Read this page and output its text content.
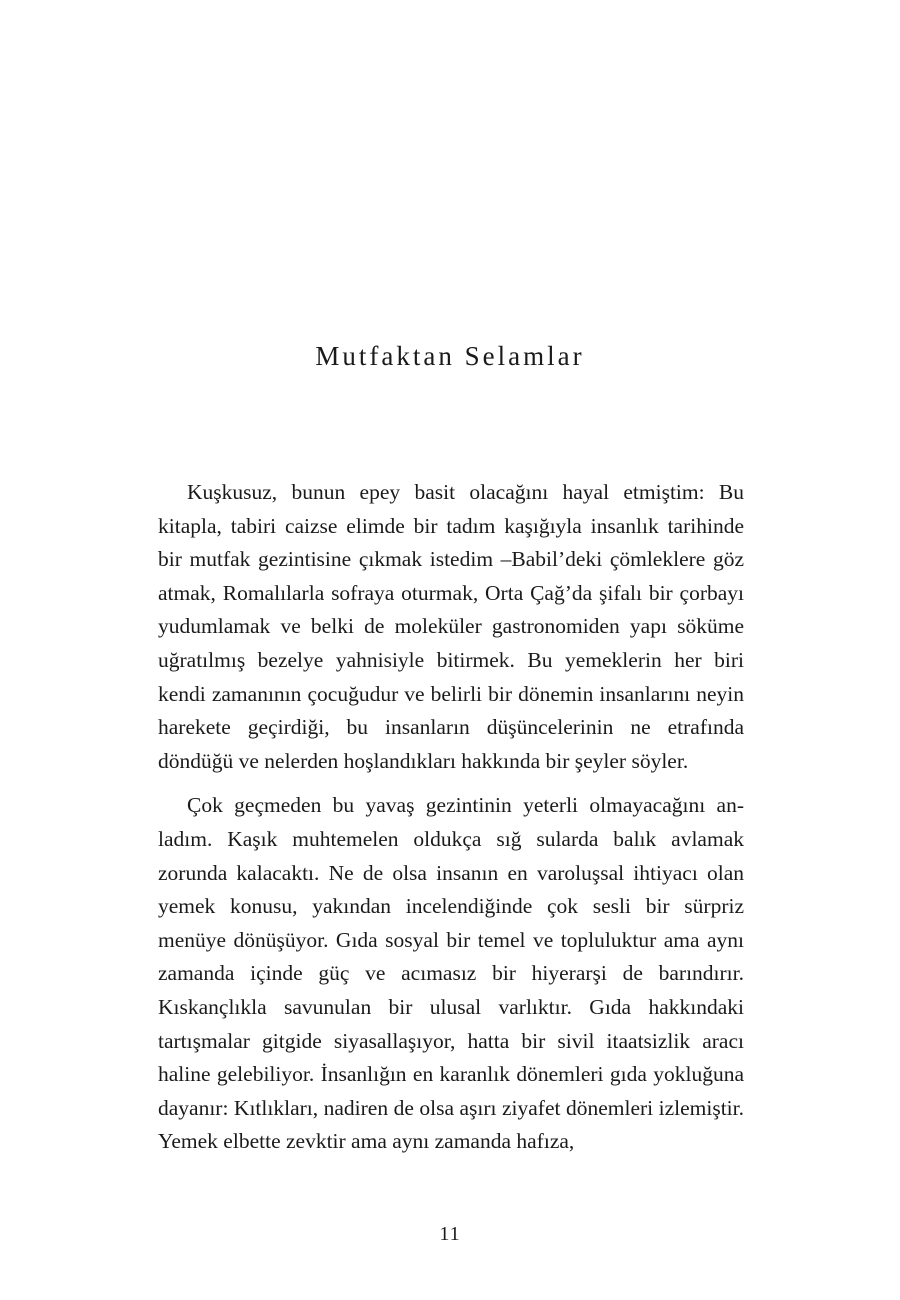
Mutfaktan Selamlar

Kuşkusuz, bunun epey basit olacağını hayal etmiştim: Bu kitapla, tabiri caizse elimde bir tadım kaşığıyla insanlık tarihinde bir mutfak gezintisine çıkmak istedim –Babil’deki çömleklere göz atmak, Romalılarla sofraya oturmak, Orta Çağ’da şifalı bir çorbayı yudumlamak ve belki de moleküler gastronomiden yapı söküme uğratılmış bezelye yahnisiyle bitirmek. Bu yemeklerin her biri kendi zamanının çocuğudur ve belirli bir dönemin insanlarını neyin harekete geçirdiği, bu insanların düşüncelerinin ne etrafında döndüğü ve nelerden hoşlandıkları hakkında bir şeyler söyler.

Çok geçmeden bu yavaş gezintinin yeterli olmayacağını anladım. Kaşık muhtemelen oldukça sığ sularda balık avlamak zorunda kalacaktı. Ne de olsa insanın en varoluşsal ihtiyacı olan yemek konusu, yakından incelendiğinde çok sesli bir sürpriz menüye dönüşüyor. Gıda sosyal bir temel ve topluluktur ama aynı zamanda içinde güç ve acımasız bir hiyerarşi de barındırır. Kıskançlıkla savunulan bir ulusal varlıktır. Gıda hakkındaki tartışmalar gitgide siyasallaşıyor, hatta bir sivil itaatsizlik aracı haline gelebiliyor. İnsanlığın en karanlık dönemleri gıda yokluğuna dayanır: Kıtlıkları, nadiren de olsa aşırı ziyafet dönemleri izlemiştir. Yemek elbette zevktir ama aynı zamanda hafıza,

11
